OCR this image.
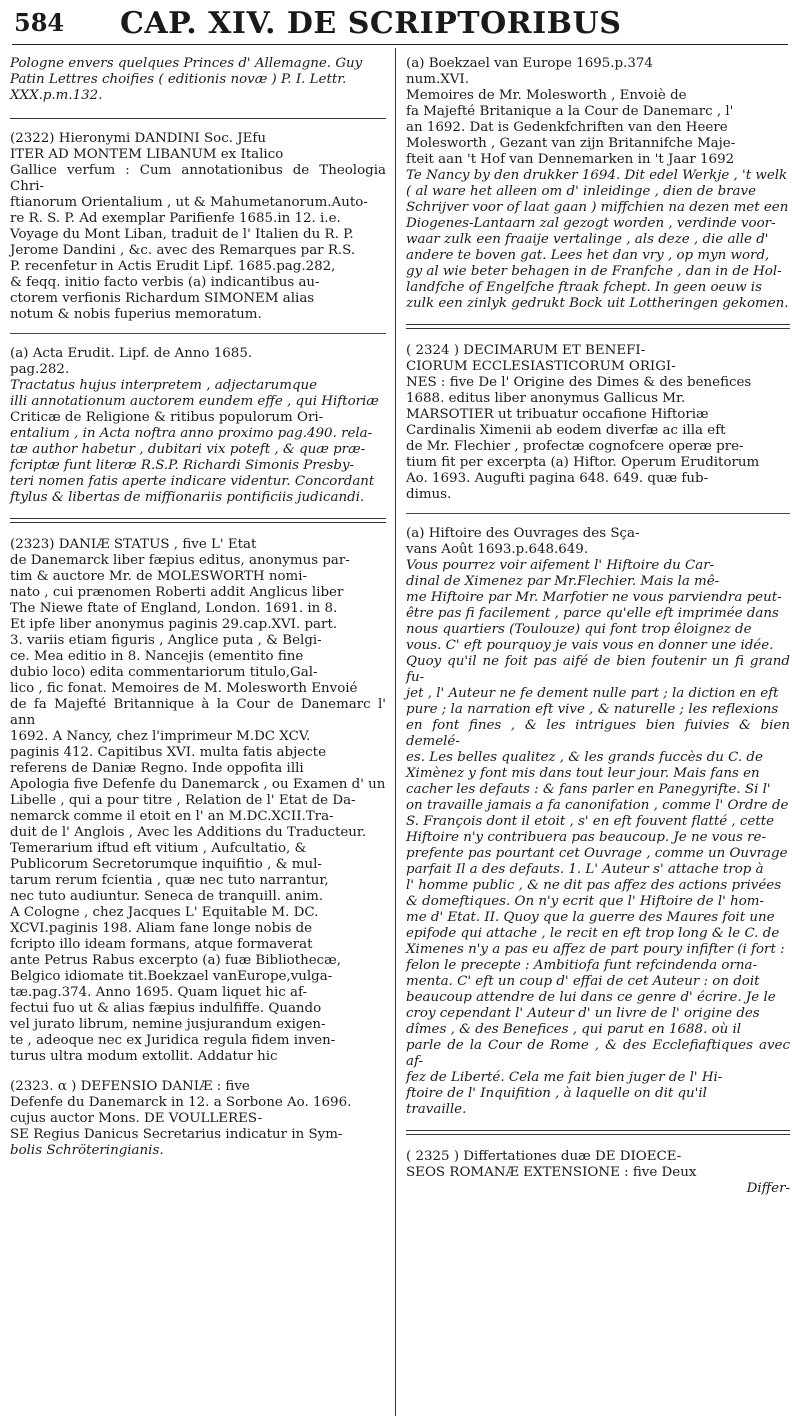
584 CAP. XIV. DE SCRIPTORIBUS

Pologne envers quelques Princes d' Allemagne. Guy

Patin Lettres choifies ( editionis novæ ) P. I. Lettr.

XXX.p.m.132.

(2322) Hieronymi DANDINI Soc. JEfu

ITER AD MONTEM LIBANUM ex Italico

Gallice verfum : Cum annotationibus de Theologia Chri-

ftianorum Orientalium , ut & Mahumetanorum.Auto-

re R. S. P. Ad exemplar Parifienfe 1685.in 12. i.e.

Voyage du Mont Liban, traduit de l' Italien du R. P.

Jerome Dandini , &c. avec des Remarques par R.S.

P. recenfetur in Actis Erudit Lipf. 1685.pag.282,

& feqq. initio facto verbis (a) indicantibus au-

ctorem verfionis Richardum SIMONEM alias

notum & nobis fuperius memoratum.

(a) Acta Erudit. Lipf. de Anno 1685.

pag.282.

Tractatus hujus interpretem , adjectarumque

illi annotationum auctorem eundem effe , qui Hiftoriæ

Criticæ de Religione & ritibus populorum Ori-

entalium , in Acta noftra anno proximo pag.490. rela-

tæ author habetur , dubitari vix poteft , & quæ præ-

fcriptæ funt literæ R.S.P. Richardi Simonis Presby-

teri nomen fatis aperte indicare videntur. Concordant

ftylus & libertas de miffionariis pontificiis judicandi.

(2323) DANIÆ STATUS , five L' Etat

de Danemarck liber fæpius editus, anonymus par-

tim & auctore Mr. de MOLESWORTH nomi-

nato , cui prænomen Roberti addit Anglicus liber

The Niewe ftate of England, London. 1691. in 8.

Et ipfe liber anonymus paginis 29.cap.XVI. part.

3. variis etiam figuris , Anglice puta , & Belgi-

ce. Mea editio in 8. Nancejis (ementito fine

dubio loco) edita commentariorum titulo,Gal-

lico , fic fonat. Memoires de M. Molesworth Envoié

de fa Majefté Britannique à la Cour de Danemarc l' ann

1692. A Nancy, chez l'imprimeur M.DC XCV.

paginis 412. Capitibus XVI. multa fatis abjecte

referens de Daniæ Regno. Inde oppofita illi

Apologia five Defenfe du Danemarck , ou Examen d' un

Libelle , qui a pour titre , Relation de l' Etat de Da-

nemarck comme il etoit en l' an M.DC.XCII.Tra-

duit de l' Anglois , Avec les Additions du Traducteur.

Temerarium iftud eft vitium , Aufcultatio, &

Publicorum Secretorumque inquifitio , & mul-

tarum rerum fcientia , quæ nec tuto narrantur,

nec tuto audiuntur. Seneca de tranquill. anim.

A Cologne , chez Jacques L' Equitable M. DC.

XCVI.paginis 198. Aliam fane longe nobis de

fcripto illo ideam formans, atque formaverat

ante Petrus Rabus excerpto (a) fuæ Bibliothecæ,

Belgico idiomate tit.Boekzael vanEurope,vulga-

tæ.pag.374. Anno 1695. Quam liquet hic af-

fectui fuo ut & alias fæpius indulfiffe. Quando

vel jurato librum, nemine jusjurandum exigen-

te , adeoque nec ex Juridica regula fidem inven-

turus ultra modum extollit. Addatur hic

(2323. α ) DEFENSIO DANIÆ : five

Defenfe du Danemarck in 12. a Sorbone Ao. 1696.

cujus auctor Mons. DE VOULLERES-

SE Regius Danicus Secretarius indicatur in Sym-

bolis Schröteringianis.

(a) Boekzael van Europe 1695.p.374

num.XVI.

Memoires de Mr. Molesworth , Envoiè de

fa Majefté Britanique a la Cour de Danemarc , l'

an 1692. Dat is Gedenkfchriften van den Heere

Molesworth , Gezant van zijn Britannifche Maje-

fteit aan 't Hof van Dennemarken in 't Jaar 1692

Te Nancy by den drukker 1694. Dit edel Werkje , 't welk

( al ware het alleen om d' inleidinge , dien de brave

Schrijver voor of laat gaan ) miffchien na dezen met een

Diogenes-Lantaarn zal gezogt worden , verdinde voor-

waar zulk een fraaije vertalinge , als deze , die alle d'

andere te boven gat. Lees het dan vry , op myn word,

gy al wie beter behagen in de Franfche , dan in de Hol-

landfche of Engelfche ftraak fchept. In geen oeuw is

zulk een zinlyk gedrukt Bock uit Lottheringen gekomen.

( 2324 ) DECIMARUM ET BENEFI-

CIORUM ECCLESIASTICORUM ORIGI-

NES : five De l' Origine des Dimes & des benefices

1688. editus liber anonymus Gallicus Mr.

MARSOTIER ut tribuatur occafione Hiftoriæ

Cardinalis Ximenii ab eodem diverfæ ac illa eft

de Mr. Flechier , profectæ cognofcere operæ pre-

tium fit per excerpta (a) Hiftor. Operum Eruditorum

Ao. 1693. Augufti pagina 648. 649. quæ fub-

dimus.

(a) Hiftoire des Ouvrages des Sça-

vans Août 1693.p.648.649.

Vous pourrez voir aifement l' Hiftoire du Car-

dinal de Ximenez par Mr.Flechier. Mais la mê-

me Hiftoire par Mr. Marfotier ne vous parviendra peut-

être pas fi facilement , parce qu'elle eft imprimée dans

nous quartiers (Toulouze) qui font trop êloignez de

vous. C' eft pourquoy je vais vous en donner une idée.

Quoy qu'il ne foit pas aifé de bien foutenir un fi grand fu-

jet , l' Auteur ne fe dement nulle part ; la diction en eft

pure ; la narration eft vive , & naturelle ; les reflexions

en font fines , & les intrigues bien fuivies & bien demelé-

es. Les belles qualitez , & les grands fuccès du C. de

Ximènez y font mis dans tout leur jour. Mais fans en

cacher les defauts : & fans parler en Panegyrifte. Si l'

on travaille jamais a fa canonifation , comme l' Ordre de

S. François dont il etoit , s' en eft fouvent flatté , cette

Hiftoire n'y contribuera pas beaucoup. Je ne vous re-

prefente pas pourtant cet Ouvrage , comme un Ouvrage

parfait Il a des defauts. 1. L' Auteur s' attache trop à

l' homme public , & ne dit pas affez des actions privées

& domeftiques. On n'y ecrit que l' Hiftoire de l' hom-

me d' Etat. II. Quoy que la guerre des Maures foit une

epifode qui attache , le recit en eft trop long & le C. de

Ximenes n'y a pas eu affez de part poury infifter (i fort :

felon le precepte : Ambitiofa funt refcindenda orna-

menta. C' eft un coup d' effai de cet Auteur : on doit

beaucoup attendre de lui dans ce genre d' écrire. Je le

croy cependant l' Auteur d' un livre de l' origine des

dîmes , & des Benefices , qui parut en 1688. où il

parle de la Cour de Rome , & des Ecclefiaftiques avec af-

fez de Liberté. Cela me fait bien juger de l' Hi-

ftoire de l' Inquifition , à laquelle on dit qu'il

travaille.

( 2325 ) Differtationes duæ DE DIOECE-

SEOS ROMANÆ EXTENSIONE : five Deux

Differ-
